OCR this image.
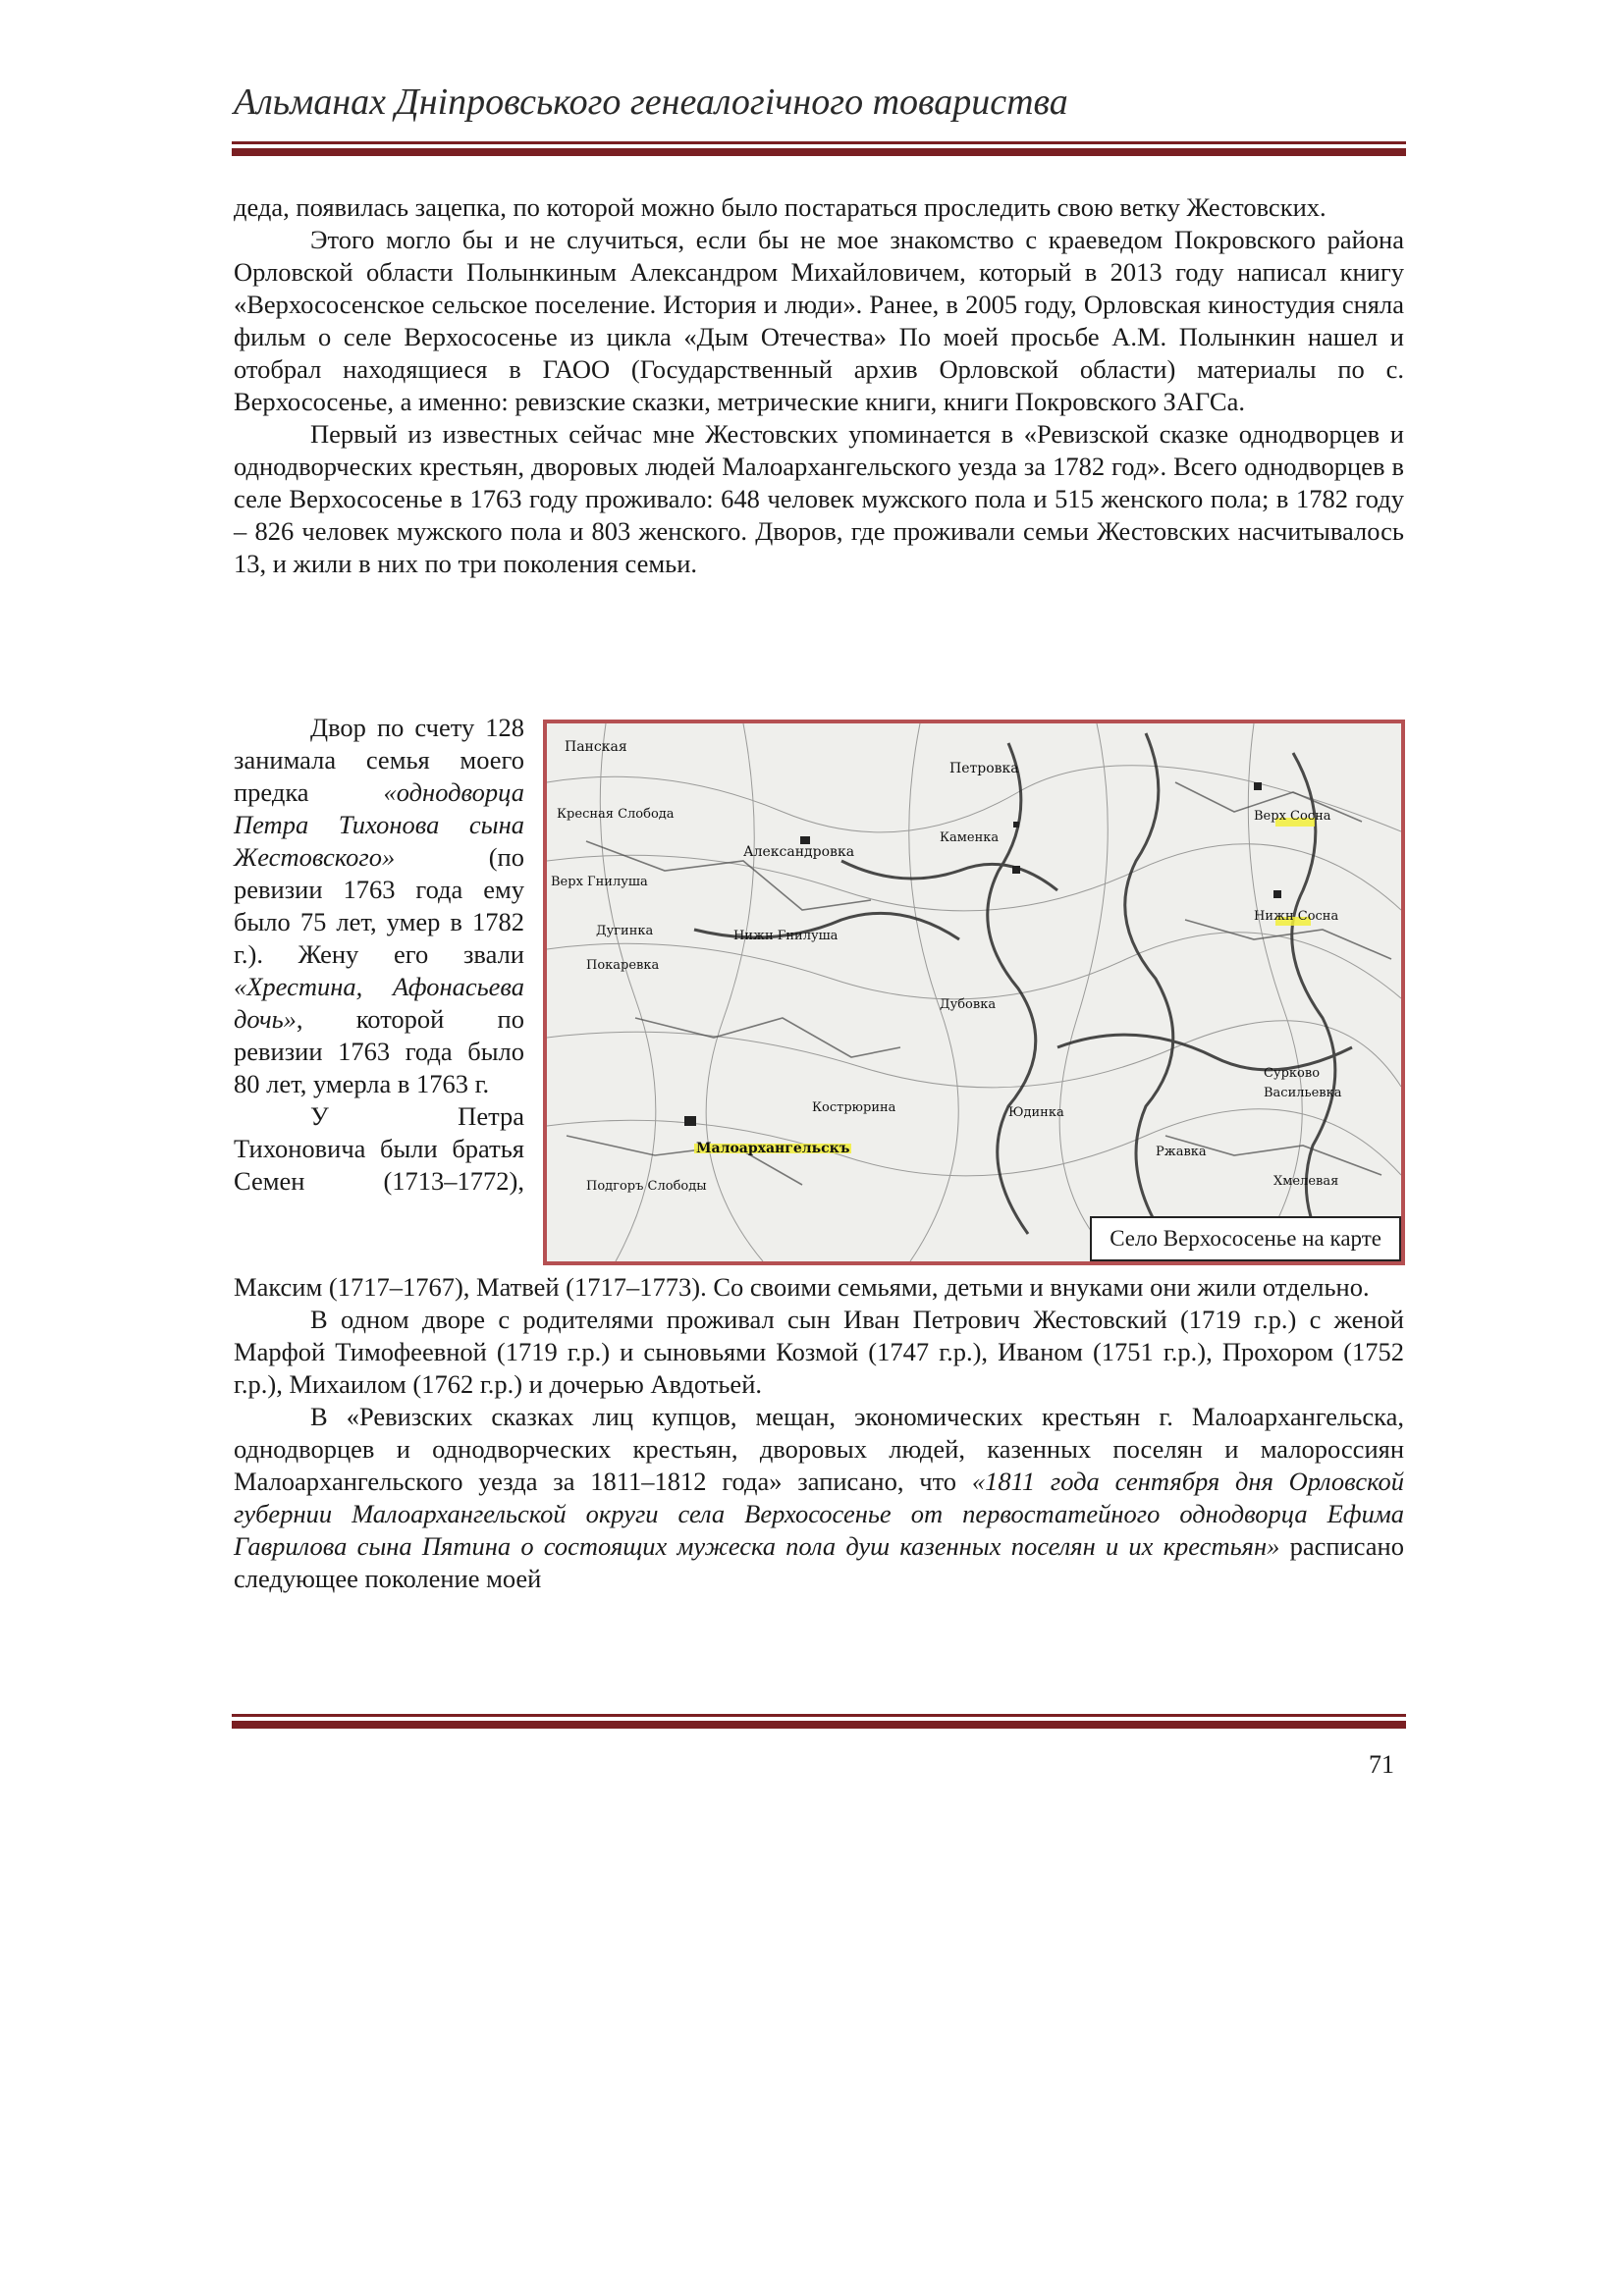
Альманах Дніпровського генеалогічного товариства

деда, появилась зацепка, по которой можно было постараться проследить свою ветку Жестовских.

Этого могло бы и не случиться, если бы не мое знакомство с краеведом Покровского района Орловской области Полынкиным Александром Михайловичем, который в 2013 году написал книгу «Верхососенское сельское поселение. История и люди». Ранее, в 2005 году, Орловская киностудия сняла фильм о селе Верхососенье из цикла «Дым Отечества» По моей просьбе А.М. Полынкин нашел и отобрал находящиеся в ГАОО (Государственный архив Орловской области) материалы по с. Верхососенье, а именно: ревизские сказки, метрические книги, книги Покровского ЗАГСа.

Первый из известных сейчас мне Жестовских упоминается в «Ревизской сказке однодворцев и однодворческих крестьян, дворовых людей Малоархангельского уезда за 1782 год». Всего однодворцев в селе Верхососенье в 1763 году проживало: 648 человек мужского пола и 515 женского пола; в 1782 году – 826 человек мужского пола и 803 женского. Дворов, где проживали семьи Жестовских насчитывалось 13, и жили в них по три поколения семьи.

Двор по счету 128 занимала семья моего предка «однодворца Петра Тихонова сына Жестовского» (по ревизии 1763 года ему было 75 лет, умер в 1782 г.). Жену его звали «Хрестина, Афонасьева дочь», которой по ревизии 1763 года было 80 лет, умерла в 1763 г.

У Петра Тихоновича были братья Семен (1713–1772),

Панская
Петровка
Кресная Слобода
Верх Гнилуша
Александровка
Каменка
Верх Сосна
Нижн Гнилуша
Покаревка
Нижн Сосна
Дубовка
Кострюрина
Малоархангельскъ
Юдинка
Подгоръ Слободы
Сурково
Ржавка
Хмелевая
Васильевка
Дугинка
Село Верхососенье на карте

Максим (1717–1767), Матвей (1717–1773). Со своими семьями, детьми и внуками они жили отдельно.

В одном дворе с родителями проживал сын Иван Петрович Жестовский (1719 г.р.) с женой Марфой Тимофеевной (1719 г.р.) и сыновьями Козмой (1747 г.р.), Иваном (1751 г.р.), Прохором (1752 г.р.), Михаилом (1762 г.р.) и дочерью Авдотьей.

В «Ревизских сказках лиц купцов, мещан, экономических крестьян г. Малоархангельска, однодворцев и однодворческих крестьян, дворовых людей, казенных поселян и малороссиян Малоархангельского уезда за 1811–1812 года» записано, что «1811 года сентября дня Орловской губернии Малоархангельской округи села Верхососенье от первостатейного однодворца Ефима Гаврилова сына Пятина о состоящих мужеска пола душ казенных поселян и их крестьян» расписано следующее поколение моей

71
